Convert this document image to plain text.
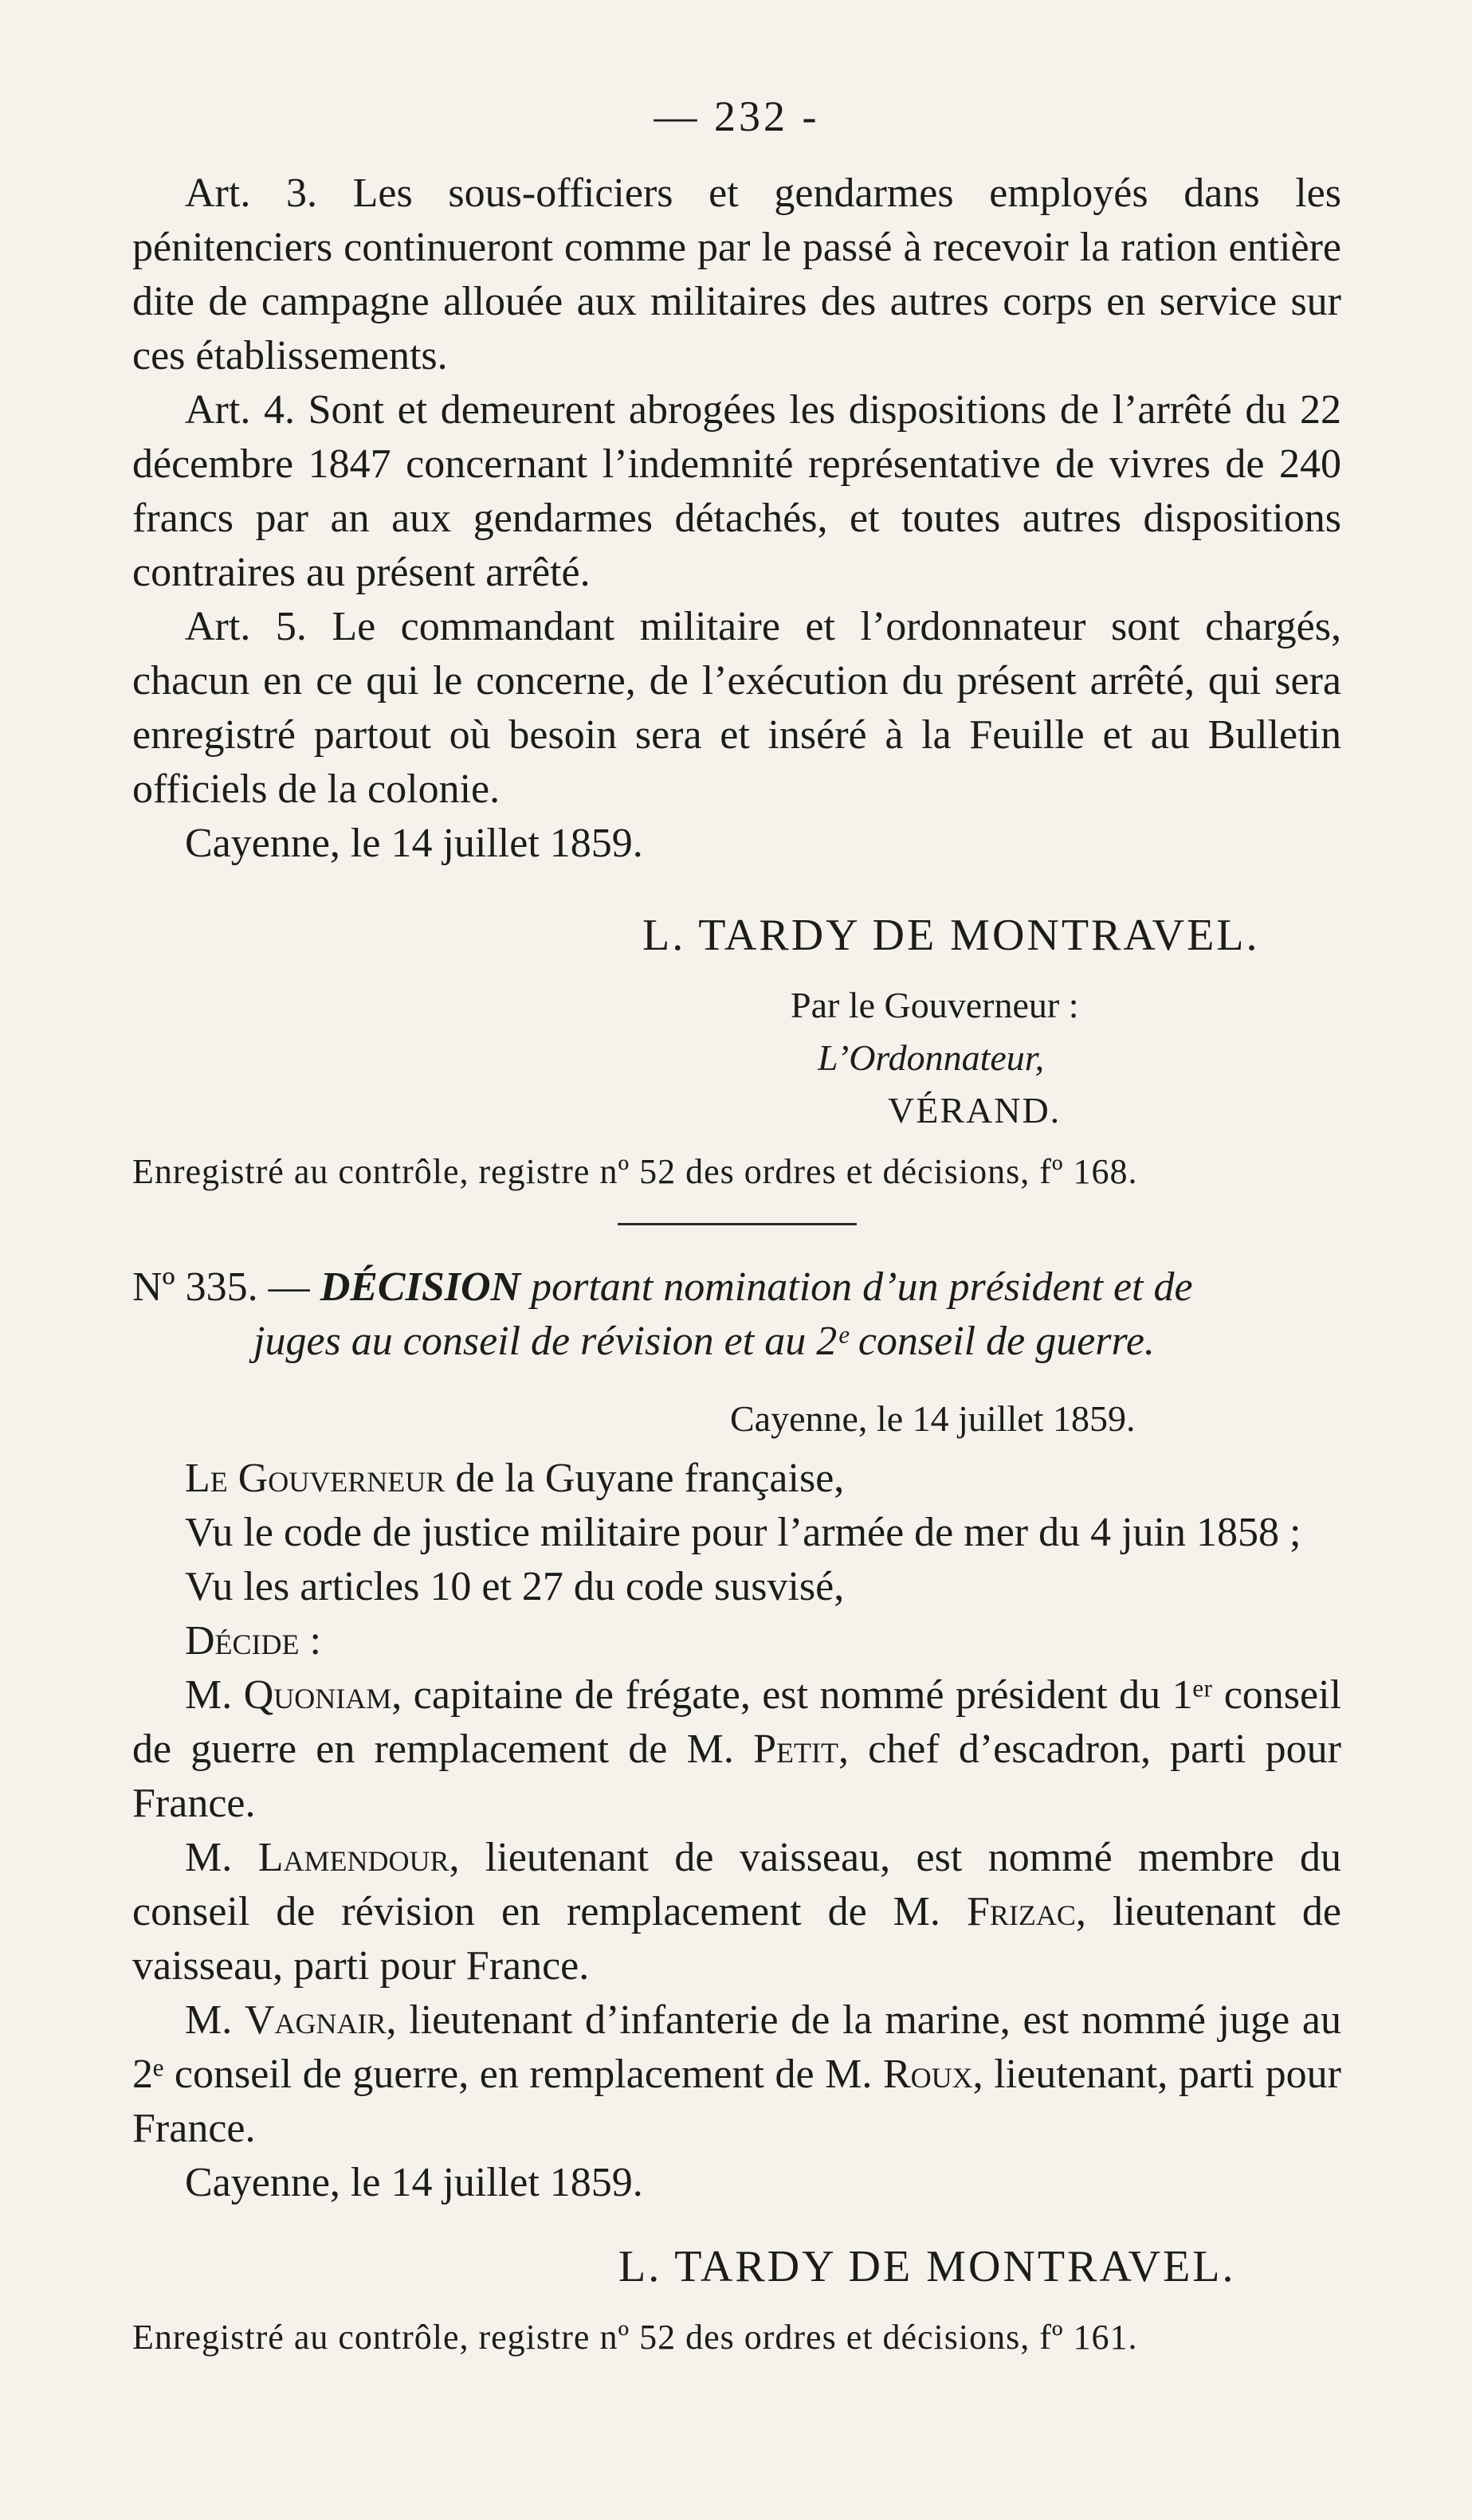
— 232 -

Art. 3. Les sous-officiers et gendarmes employés dans les pénitenciers continueront comme par le passé à recevoir la ration entière dite de campagne allouée aux militaires des autres corps en service sur ces établissements.

Art. 4. Sont et demeurent abrogées les dispositions de l’arrêté du 22 décembre 1847 concernant l’indemnité représentative de vivres de 240 francs par an aux gendarmes détachés, et toutes autres dispositions contraires au présent arrêté.

Art. 5. Le commandant militaire et l’ordonnateur sont chargés, chacun en ce qui le concerne, de l’exécution du présent arrêté, qui sera enregistré partout où besoin sera et inséré à la Feuille et au Bulletin officiels de la colonie.

Cayenne, le 14 juillet 1859.

L. TARDY DE MONTRAVEL.
Par le Gouverneur :
L’Ordonnateur,
VÉRAND.
Enregistré au contrôle, registre nº 52 des ordres et décisions, fº 168.
Nº 335. — DÉCISION portant nomination d’un président et de
juges au conseil de révision et au 2ᵉ conseil de guerre.
Cayenne, le 14 juillet 1859.

Le Gouverneur de la Guyane française,

Vu le code de justice militaire pour l’armée de mer du 4 juin 1858 ;

Vu les articles 10 et 27 du code susvisé,

Décide :

M. Quoniam, capitaine de frégate, est nommé président du 1ᵉʳ conseil de guerre en remplacement de M. Petit, chef d’escadron, parti pour France.

M. Lamendour, lieutenant de vaisseau, est nommé membre du conseil de révision en remplacement de M. Frizac, lieutenant de vaisseau, parti pour France.

M. Vagnair, lieutenant d’infanterie de la marine, est nommé juge au 2ᵉ conseil de guerre, en remplacement de M. Roux, lieutenant, parti pour France.

Cayenne, le 14 juillet 1859.

L. TARDY DE MONTRAVEL.
Enregistré au contrôle, registre nº 52 des ordres et décisions, fº 161.
